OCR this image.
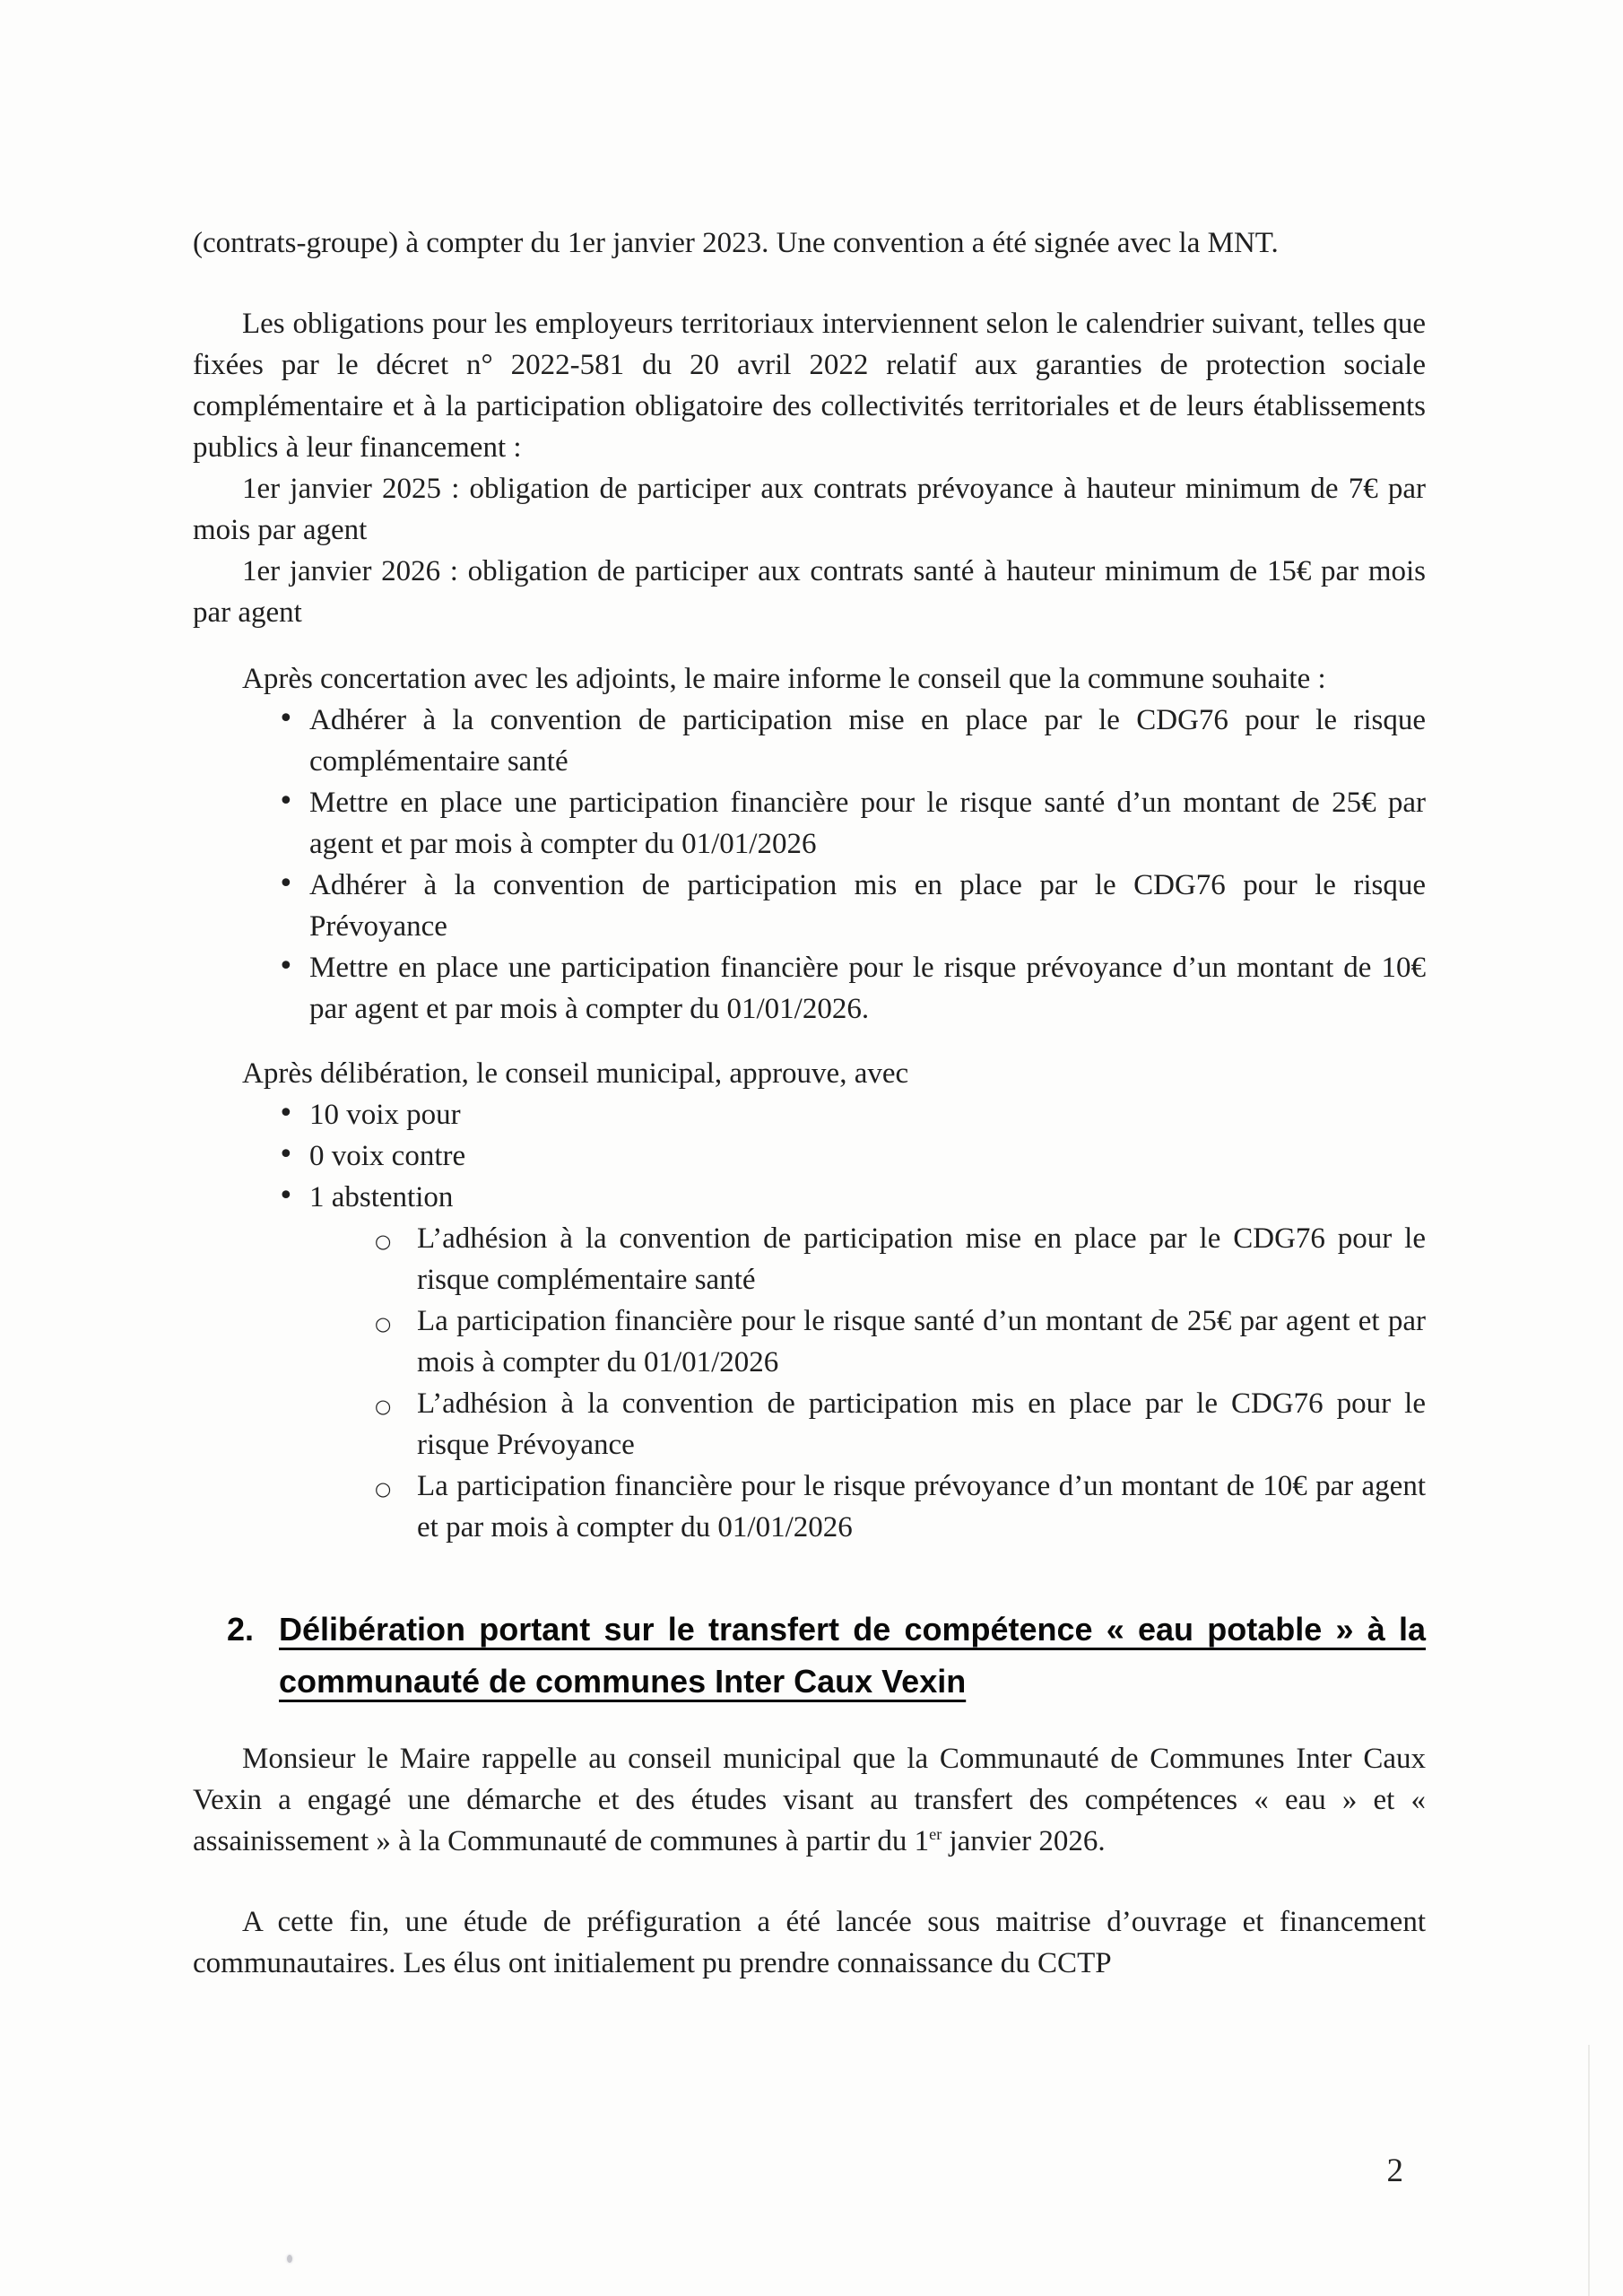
(contrats-groupe) à compter du 1er janvier 2023. Une convention a été signée avec la MNT.

Les obligations pour les employeurs territoriaux interviennent selon le calendrier suivant, telles que fixées par le décret n° 2022-581 du 20 avril 2022 relatif aux garanties de protection sociale complémentaire et à la participation obligatoire des collectivités territoriales et de leurs établissements publics à leur financement :

1er janvier 2025 : obligation de participer aux contrats prévoyance à hauteur minimum de 7€ par mois par agent

1er janvier 2026 : obligation de participer aux contrats santé à hauteur minimum de 15€ par mois par agent

Après concertation avec les adjoints, le maire informe le conseil que la commune souhaite :

• Adhérer à la convention de participation mise en place par le CDG76 pour le risque complémentaire santé
• Mettre en place une participation financière pour le risque santé d’un montant de 25€ par agent et par mois à compter du 01/01/2026
• Adhérer à la convention de participation mis en place par le CDG76 pour le risque Prévoyance
• Mettre en place une participation financière pour le risque prévoyance d’un montant de 10€ par agent et par mois à compter du 01/01/2026.

Après délibération, le conseil municipal, approuve, avec

• 10 voix pour
• 0 voix contre
• 1 abstention
○ L’adhésion à la convention de participation mise en place par le CDG76 pour le risque complémentaire santé
○ La participation financière pour le risque santé d’un montant de 25€ par agent et par mois à compter du 01/01/2026
○ L’adhésion à la convention de participation mis en place par le CDG76 pour le risque Prévoyance
○ La participation financière pour le risque prévoyance d’un montant de 10€ par agent et par mois à compter du 01/01/2026
2. Délibération portant sur le transfert de compétence « eau potable » à la
communauté de communes Inter Caux Vexin

Monsieur le Maire rappelle au conseil municipal que la Communauté de Communes Inter Caux Vexin a engagé une démarche et des études visant au transfert des compétences « eau » et « assainissement » à la Communauté de communes à partir du 1er janvier 2026.

A cette fin, une étude de préfiguration a été lancée sous maitrise d’ouvrage et financement communautaires. Les élus ont initialement pu prendre connaissance du CCTP

2
